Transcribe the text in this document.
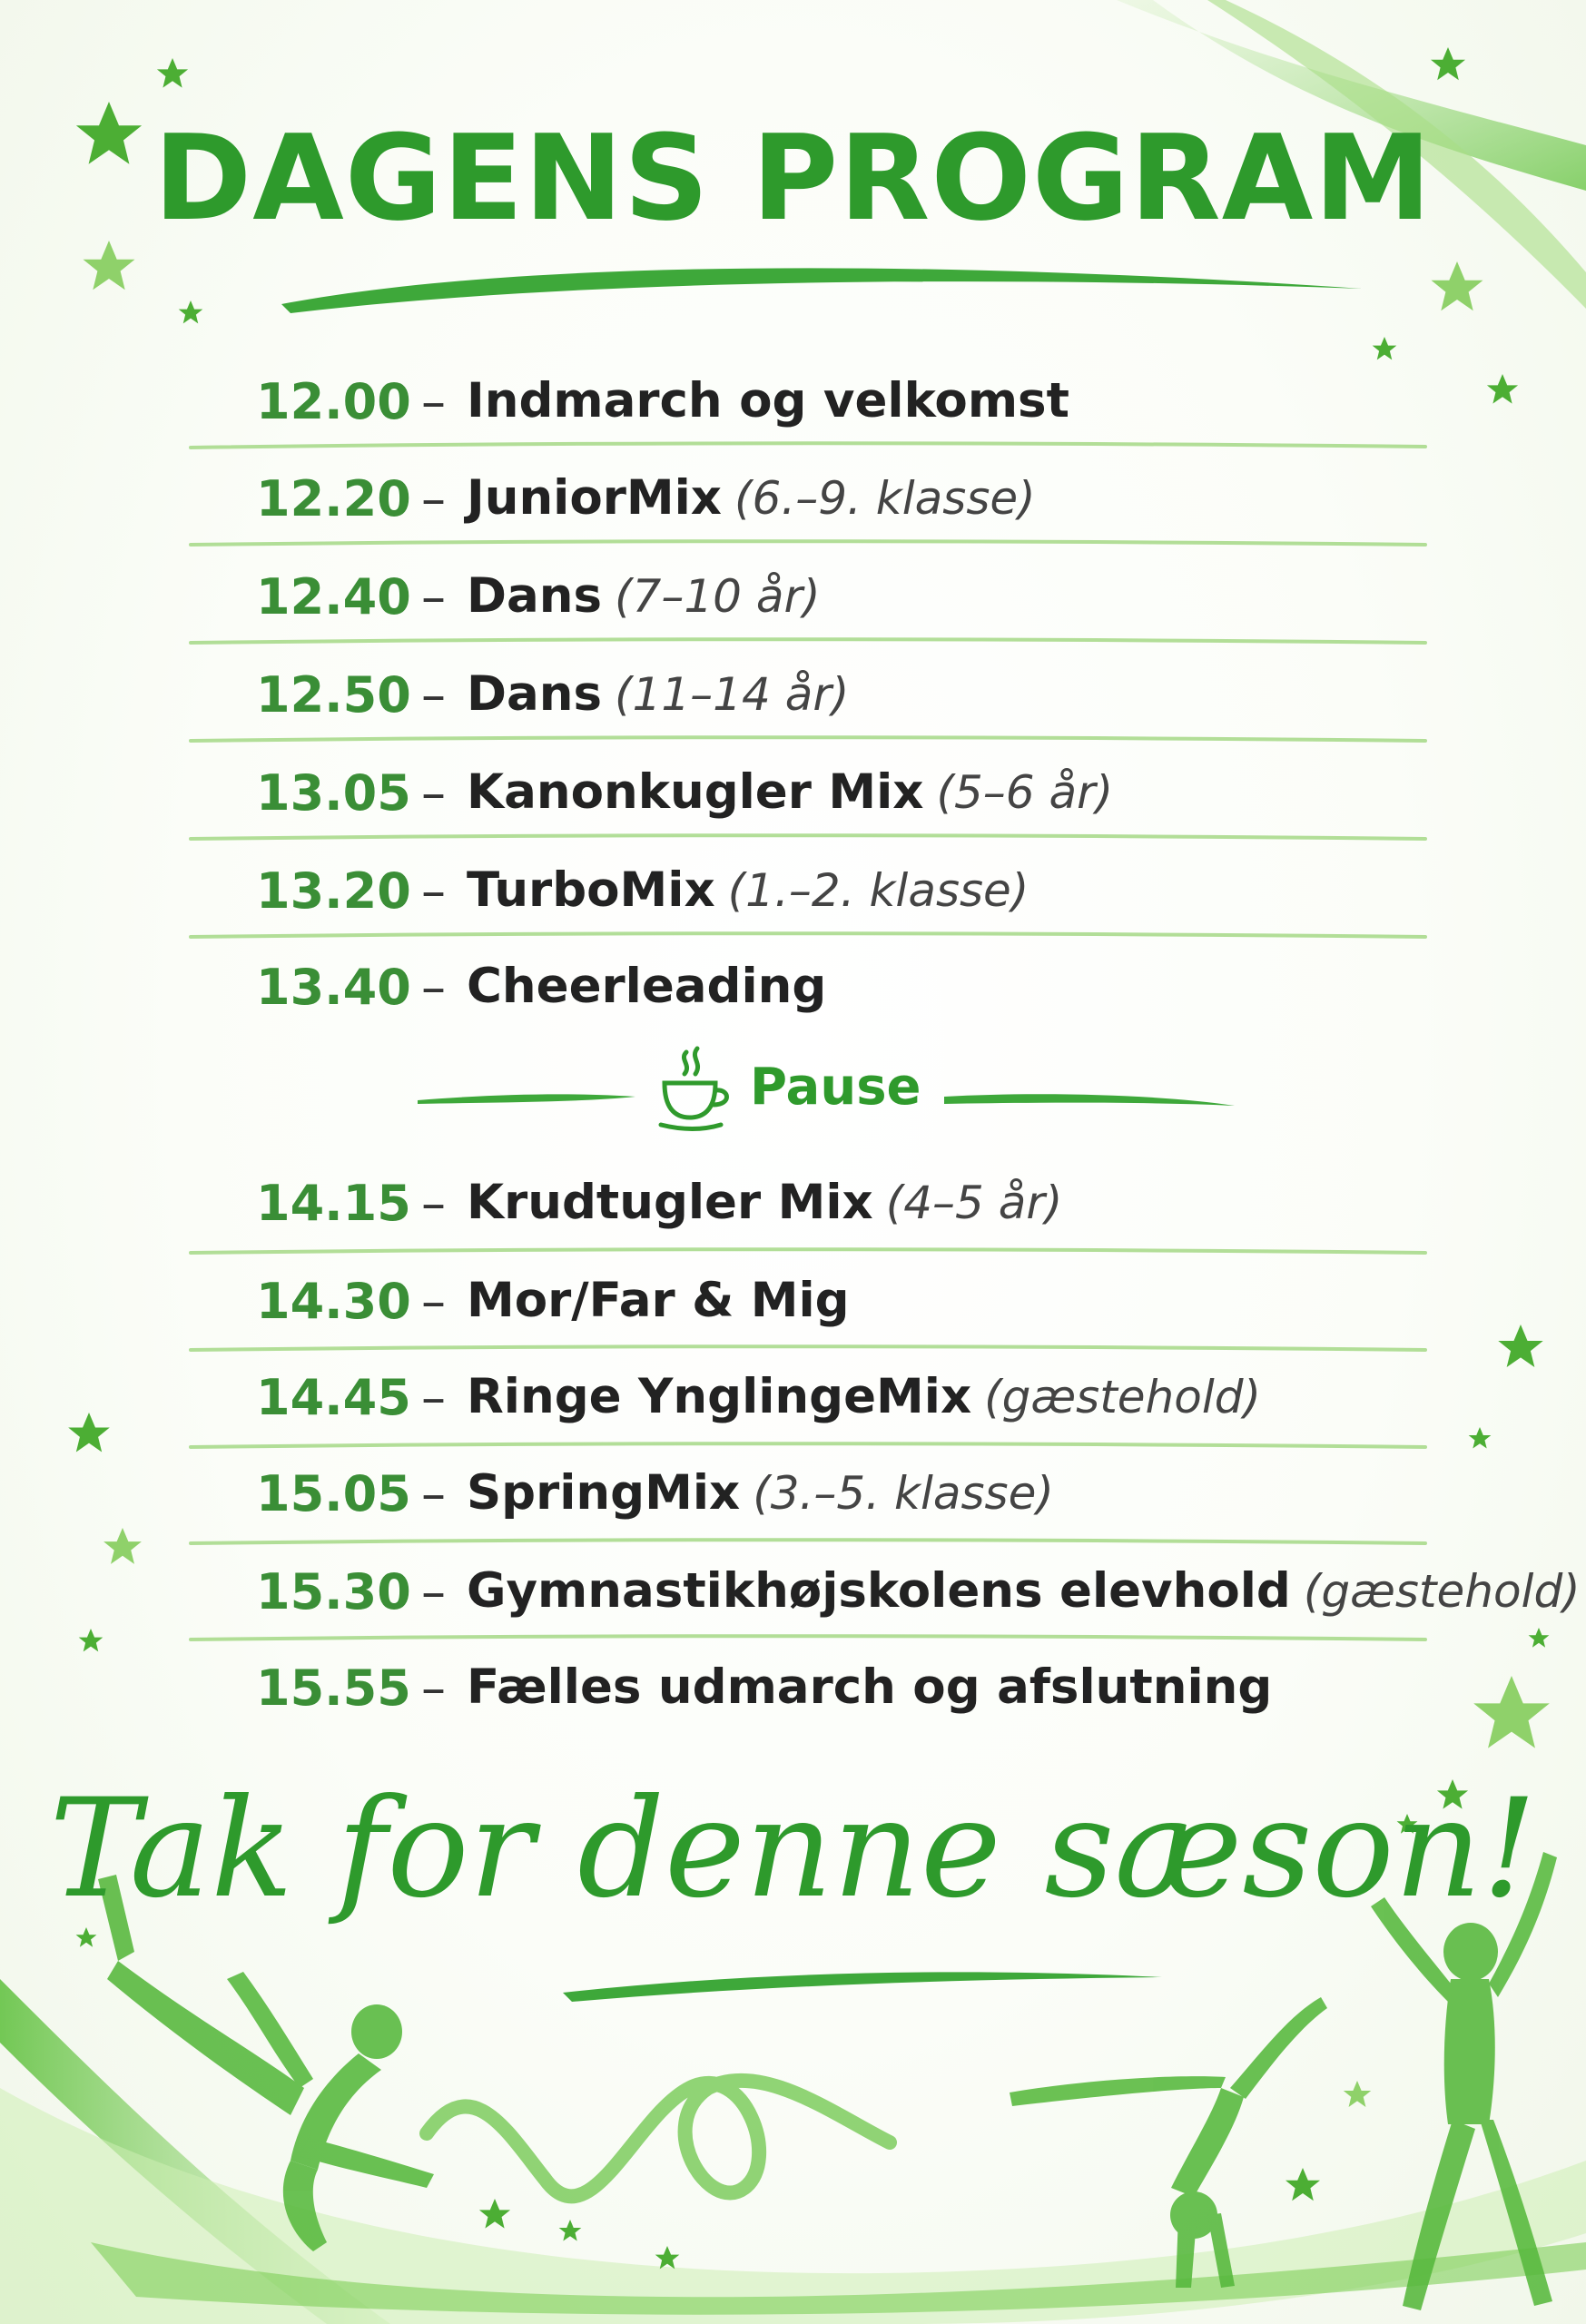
DAGENS PROGRAM
12.00 – Indmarch og velkomst
12.20 – JuniorMix (6.–9. klasse)
12.40 – Dans (7–10 år)
12.50 – Dans (11–14 år)
13.05 – Kanonkugler Mix (5–6 år)
13.20 – TurboMix (1.–2. klasse)
13.40 – Cheerleading
Pause
14.15 – Krudtugler Mix (4–5 år)
14.30 – Mor/Far & Mig
14.45 – Ringe YnglingeMix (gæstehold)
15.05 – SpringMix (3.–5. klasse)
15.30 – Gymnastikhøjskolens elevhold (gæstehold)
15.55 – Fælles udmarch og afslutning
Tak for denne sæson!
